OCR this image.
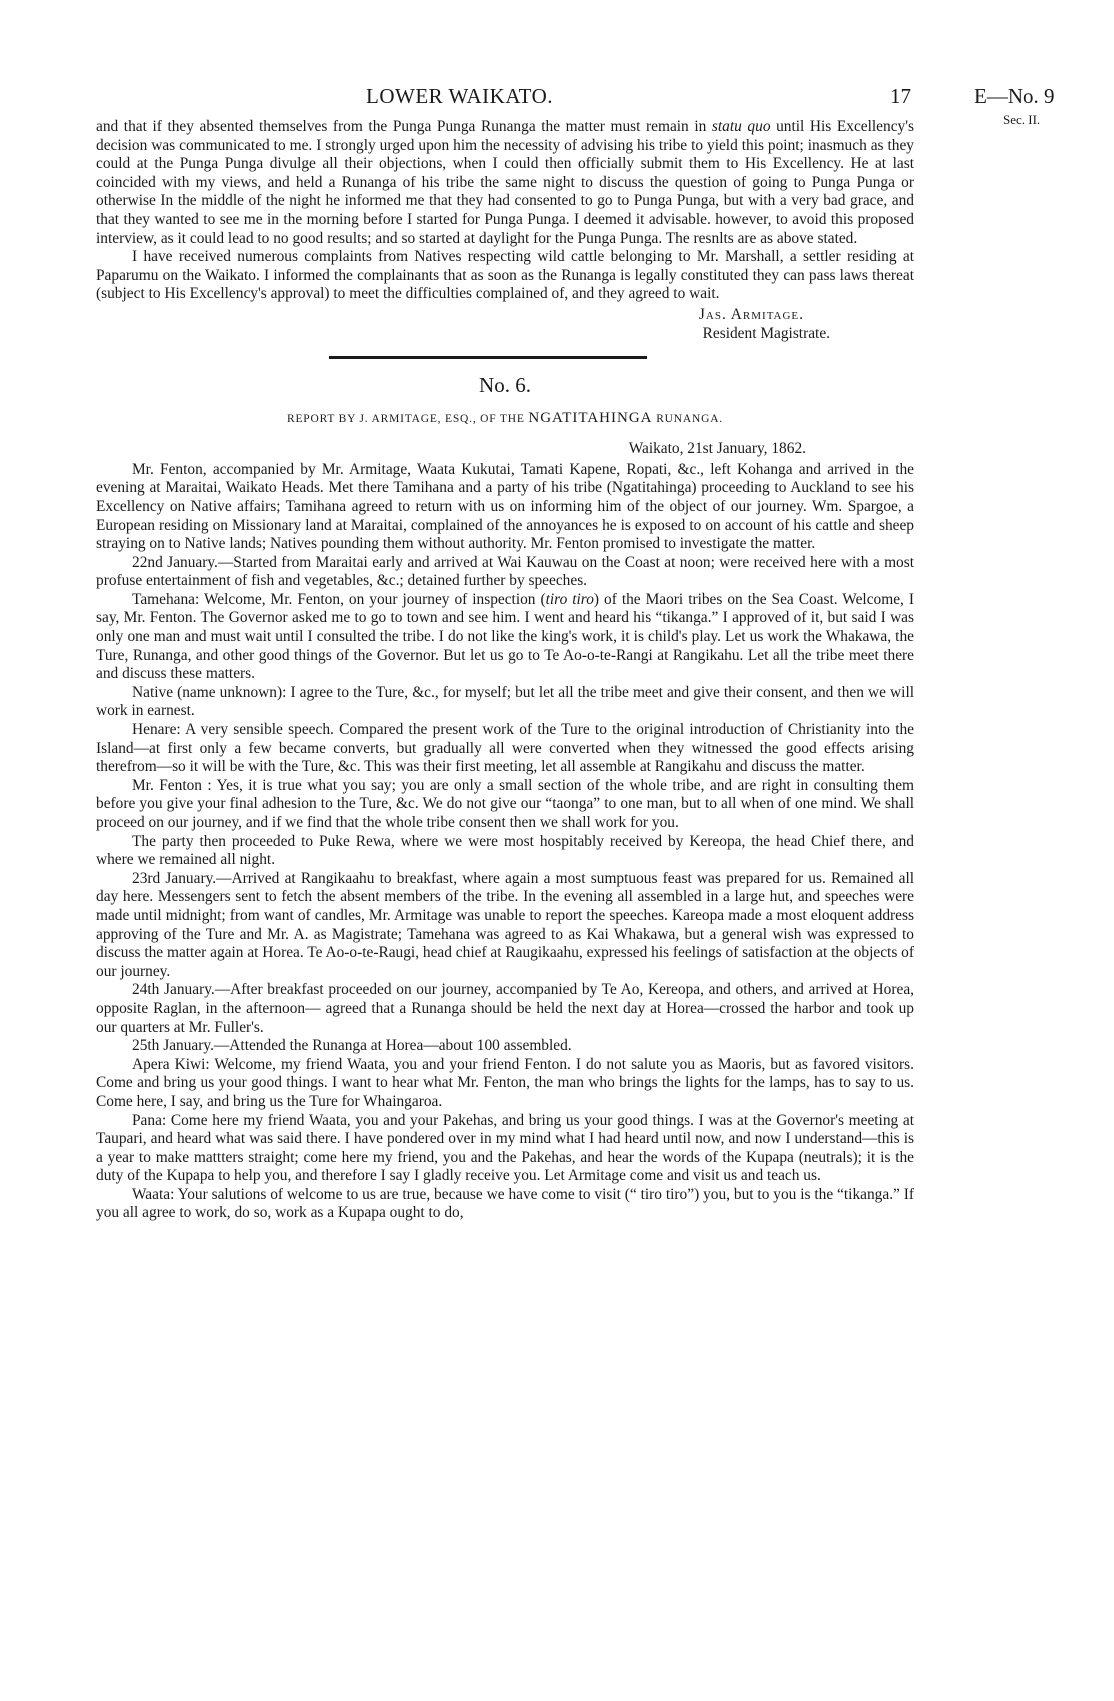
LOWER WAIKATO.	17	E—No. 9
Sec. II.

and that if they absented themselves from the Punga Punga Runanga the matter must remain in statu quo until His Excellency's decision was communicated to me. I strongly urged upon him the necessity of advising his tribe to yield this point; inasmuch as they could at the Punga Punga divulge all their objections, when I could then officially submit them to His Excellency. He at last coincided with my views, and held a Runanga of his tribe the same night to discuss the question of going to Punga Punga or otherwise In the middle of the night he informed me that they had consented to go to Punga Punga, but with a very bad grace, and that they wanted to see me in the morning before I started for Punga Punga. I deemed it advisable. however, to avoid this proposed interview, as it could lead to no good results; and so started at daylight for the Punga Punga. The resnlts are as above stated.

I have received numerous complaints from Natives respecting wild cattle belonging to Mr. Marshall, a settler residing at Paparumu on the Waikato. I informed the complainants that as soon as the Runanga is legally constituted they can pass laws thereat (subject to His Excellency's approval) to meet the difficulties complained of, and they agreed to wait.

Jas. Armitage.
Resident Magistrate.
No. 6.
REPORT BY J. ARMITAGE, ESQ., OF THE NGATITAHINGA RUNANGA.
Waikato, 21st January, 1862.

Mr. Fenton, accompanied by Mr. Armitage, Waata Kukutai, Tamati Kapene, Ropati, &c., left Kohanga and arrived in the evening at Maraitai, Waikato Heads. Met there Tamihana and a party of his tribe (Ngatitahinga) proceeding to Auckland to see his Excellency on Native affairs; Tamihana agreed to return with us on informing him of the object of our journey. Wm. Spargoe, a European residing on Missionary land at Maraitai, complained of the annoyances he is exposed to on account of his cattle and sheep straying on to Native lands; Natives pounding them without authority. Mr. Fenton promised to investigate the matter.

22nd January.—Started from Maraitai early and arrived at Wai Kauwau on the Coast at noon; were received here with a most profuse entertainment of fish and vegetables, &c.; detained further by speeches.

Tamehana: Welcome, Mr. Fenton, on your journey of inspection (tiro tiro) of the Maori tribes on the Sea Coast. Welcome, I say, Mr. Fenton. The Governor asked me to go to town and see him. I went and heard his “tikanga.” I approved of it, but said I was only one man and must wait until I consulted the tribe. I do not like the king's work, it is child's play. Let us work the Whakawa, the Ture, Runanga, and other good things of the Governor. But let us go to Te Ao-o-te-Rangi at Rangikahu. Let all the tribe meet there and discuss these matters.

Native (name unknown): I agree to the Ture, &c., for myself; but let all the tribe meet and give their consent, and then we will work in earnest.

Henare: A very sensible speech. Compared the present work of the Ture to the original introduction of Christianity into the Island—at first only a few became converts, but gradually all were converted when they witnessed the good effects arising therefrom—so it will be with the Ture, &c. This was their first meeting, let all assemble at Rangikahu and discuss the matter.

Mr. Fenton : Yes, it is true what you say; you are only a small section of the whole tribe, and are right in consulting them before you give your final adhesion to the Ture, &c. We do not give our “taonga” to one man, but to all when of one mind. We shall proceed on our journey, and if we find that the whole tribe consent then we shall work for you.

The party then proceeded to Puke Rewa, where we were most hospitably received by Kereopa, the head Chief there, and where we remained all night.

23rd January.—Arrived at Rangikaahu to breakfast, where again a most sumptuous feast was prepared for us. Remained all day here. Messengers sent to fetch the absent members of the tribe. In the evening all assembled in a large hut, and speeches were made until midnight; from want of candles, Mr. Armitage was unable to report the speeches. Kareopa made a most eloquent address approving of the Ture and Mr. A. as Magistrate; Tamehana was agreed to as Kai Whakawa, but a general wish was expressed to discuss the matter again at Horea. Te Ao-o-te-Raugi, head chief at Raugikaahu, expressed his feelings of satisfaction at the objects of our journey.

24th January.—After breakfast proceeded on our journey, accompanied by Te Ao, Kereopa, and others, and arrived at Horea, opposite Raglan, in the afternoon— agreed that a Runanga should be held the next day at Horea—crossed the harbor and took up our quarters at Mr. Fuller's.

25th January.—Attended the Runanga at Horea—about 100 assembled.

Apera Kiwi: Welcome, my friend Waata, you and your friend Fenton. I do not salute you as Maoris, but as favored visitors. Come and bring us your good things. I want to hear what Mr. Fenton, the man who brings the lights for the lamps, has to say to us. Come here, I say, and bring us the Ture for Whaingaroa.

Pana: Come here my friend Waata, you and your Pakehas, and bring us your good things. I was at the Governor's meeting at Taupari, and heard what was said there. I have pondered over in my mind what I had heard until now, and now I understand—this is a year to make mattters straight; come here my friend, you and the Pakehas, and hear the words of the Kupapa (neutrals); it is the duty of the Kupapa to help you, and therefore I say I gladly receive you. Let Armitage come and visit us and teach us.

Waata: Your salutions of welcome to us are true, because we have come to visit (“ tiro tiro”) you, but to you is the “tikanga.” If you all agree to work, do so, work as a Kupapa ought to do,
